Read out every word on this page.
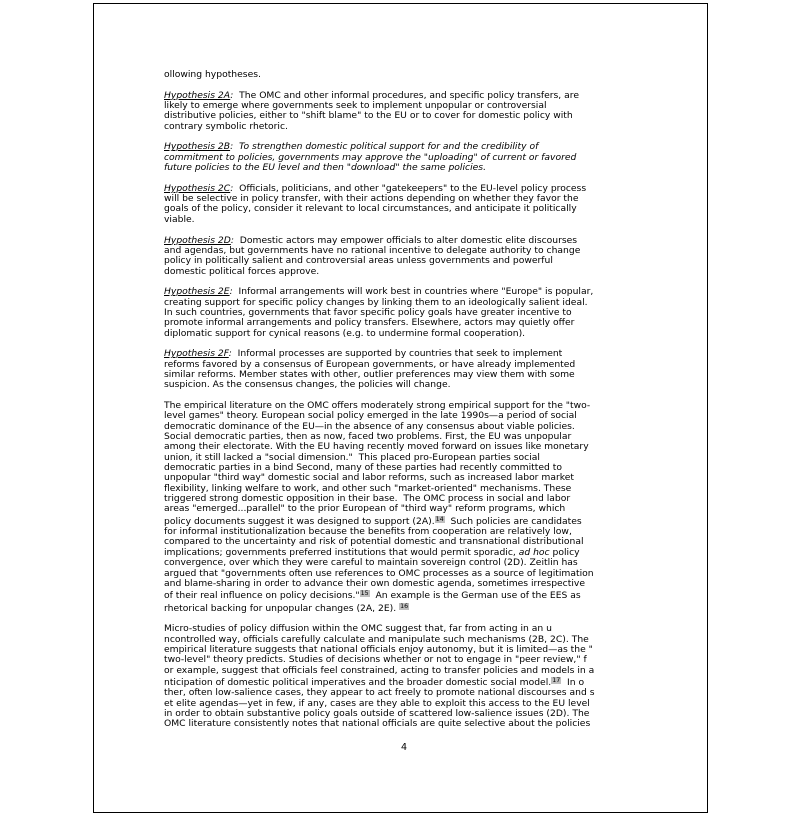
ollowing hypotheses.
Hypothesis 2A:  The OMC and other informal procedures, and specific policy transfers, are
likely to emerge where governments seek to implement unpopular or controversial
distributive policies, either to "shift blame" to the EU or to cover for domestic policy with
contrary symbolic rhetoric.
Hypothesis 2B:  To strengthen domestic political support for and the credibility of
commitment to policies, governments may approve the "uploading" of current or favored
future policies to the EU level and then "download" the same policies.
Hypothesis 2C:  Officials, politicians, and other "gatekeepers" to the EU-level policy process
will be selective in policy transfer, with their actions depending on whether they favor the
goals of the policy, consider it relevant to local circumstances, and anticipate it politically
viable.
Hypothesis 2D:  Domestic actors may empower officials to alter domestic elite discourses
and agendas, but governments have no rational incentive to delegate authority to change
policy in politically salient and controversial areas unless governments and powerful
domestic political forces approve.
Hypothesis 2E:  Informal arrangements will work best in countries where "Europe" is popular,
creating support for specific policy changes by linking them to an ideologically salient ideal.
In such countries, governments that favor specific policy goals have greater incentive to
promote informal arrangements and policy transfers. Elsewhere, actors may quietly offer
diplomatic support for cynical reasons (e.g. to undermine formal cooperation).
Hypothesis 2F:  Informal processes are supported by countries that seek to implement
reforms favored by a consensus of European governments, or have already implemented
similar reforms. Member states with other, outlier preferences may view them with some
suspicion. As the consensus changes, the policies will change.
The empirical literature on the OMC offers moderately strong empirical support for the "two-
level games" theory. European social policy emerged in the late 1990s—a period of social
democratic dominance of the EU—in the absence of any consensus about viable policies.
Social democratic parties, then as now, faced two problems. First, the EU was unpopular
among their electorate. With the EU having recently moved forward on issues like monetary
union, it still lacked a "social dimension."  This placed pro-European parties social
democratic parties in a bind Second, many of these parties had recently committed to
unpopular "third way" domestic social and labor reforms, such as increased labor market
flexibility, linking welfare to work, and other such "market-oriented" mechanisms. These
triggered strong domestic opposition in their base.  The OMC process in social and labor
areas "emerged...parallel" to the prior European of "third way" reform programs, which
policy documents suggest it was designed to support (2A).$^{14}$  Such policies are candidates
for informal institutionalization because the benefits from cooperation are relatively low,
compared to the uncertainty and risk of potential domestic and transnational distributional
implications; governments preferred institutions that would permit sporadic, ad hoc policy
convergence, over which they were careful to maintain sovereign control (2D). Zeitlin has
argued that "governments often use references to OMC processes as a source of legitimation
and blame-sharing in order to advance their own domestic agenda, sometimes irrespective
of their real influence on policy decisions."$^{15}$  An example is the German use of the EES as
rhetorical backing for unpopular changes (2A, 2E). $^{16}$
Micro-studies of policy diffusion within the OMC suggest that, far from acting in an u
ncontrolled way, officials carefully calculate and manipulate such mechanisms (2B, 2C). The
empirical literature suggests that national officials enjoy autonomy, but it is limited—as the "
two-level" theory predicts. Studies of decisions whether or not to engage in "peer review," f
or example, suggest that officials feel constrained, acting to transfer policies and models in a
nticipation of domestic political imperatives and the broader domestic social model.$^{17}$  In o
ther, often low-salience cases, they appear to act freely to promote national discourses and s
et elite agendas—yet in few, if any, cases are they able to exploit this access to the EU level
in order to obtain substantive policy goals outside of scattered low-salience issues (2D). The
OMC literature consistently notes that national officials are quite selective about the policies
4
